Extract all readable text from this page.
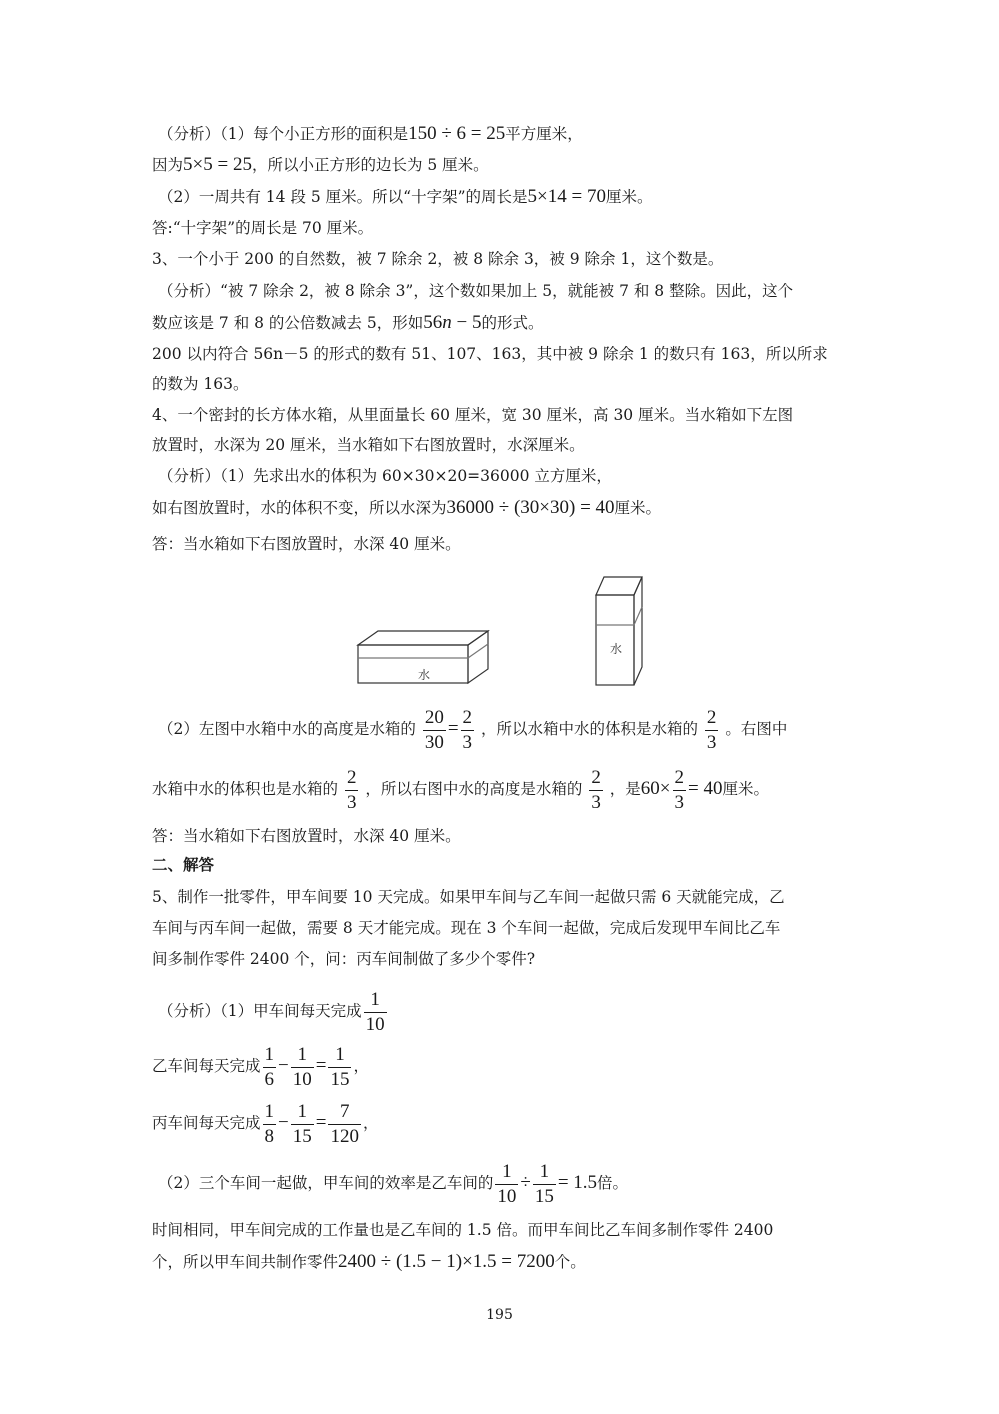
（分析）（1）每个小正方形的面积是150 ÷ 6 = 25平方厘米，
因为5×5 = 25，所以小正方形的边长为 5 厘米。
（2）一周共有 14 段 5 厘米。所以“十字架”的周长是5×14 = 70厘米。
答:“十字架”的周长是 70 厘米。
3、一个小于 200 的自然数，被 7 除余 2，被 8 除余 3，被 9 除余 1，这个数是。
（分析）“被 7 除余 2，被 8 除余 3”，这个数如果加上 5，就能被 7 和 8 整除。因此，这个
数应该是 7 和 8 的公倍数减去 5，形如56n − 5的形式。
200 以内符合 56n－5 的形式的数有 51、107、163，其中被 9 除余 1 的数只有 163，所以所求
的数为 163。
4、一个密封的长方体水箱，从里面量长 60 厘米，宽 30 厘米，高 30 厘米。当水箱如下左图
放置时，水深为 20 厘米，当水箱如下右图放置时，水深厘米。
（分析）（1）先求出水的体积为 60×30×20=36000 立方厘米，
如右图放置时，水的体积不变，所以水深为36000 ÷ (30×30) = 40厘米。
答：当水箱如下右图放置时，水深 40 厘米。
水
水
（2）左图中水箱中水的高度是水箱的 $\frac{20}{30} = \frac{2}{3}$ ，所以水箱中水的体积是水箱的 $\frac{2}{3}$ 。右图中
水箱中水的体积也是水箱的 $\frac{2}{3}$ ，所以右图中水的高度是水箱的 $\frac{2}{3}$ ，是$60\times \frac{2}{3} = 40$厘米。
答：当水箱如下右图放置时，水深 40 厘米。
二、解答
5、制作一批零件，甲车间要 10 天完成。如果甲车间与乙车间一起做只需 6 天就能完成，乙
车间与丙车间一起做，需要 8 天才能完成。现在 3 个车间一起做，完成后发现甲车间比乙车
间多制作零件 2400 个，问：丙车间制做了多少个零件?
（分析）（1）甲车间每天完成 $\frac{1}{10}$
乙车间每天完成 $\frac{1}{6} - \frac{1}{10} = \frac{1}{15}$ ，
丙车间每天完成 $\frac{1}{8} - \frac{1}{15} = \frac{7}{120}$ ，
（2）三个车间一起做，甲车间的效率是乙车间的 $\frac{1}{10} \div \frac{1}{15} = 1.5$倍。
时间相同，甲车间完成的工作量也是乙车间的 1.5 倍。而甲车间比乙车间多制作零件 2400
个，所以甲车间共制作零件2400 ÷ (1.5 − 1)×1.5 = 7200个。
195
